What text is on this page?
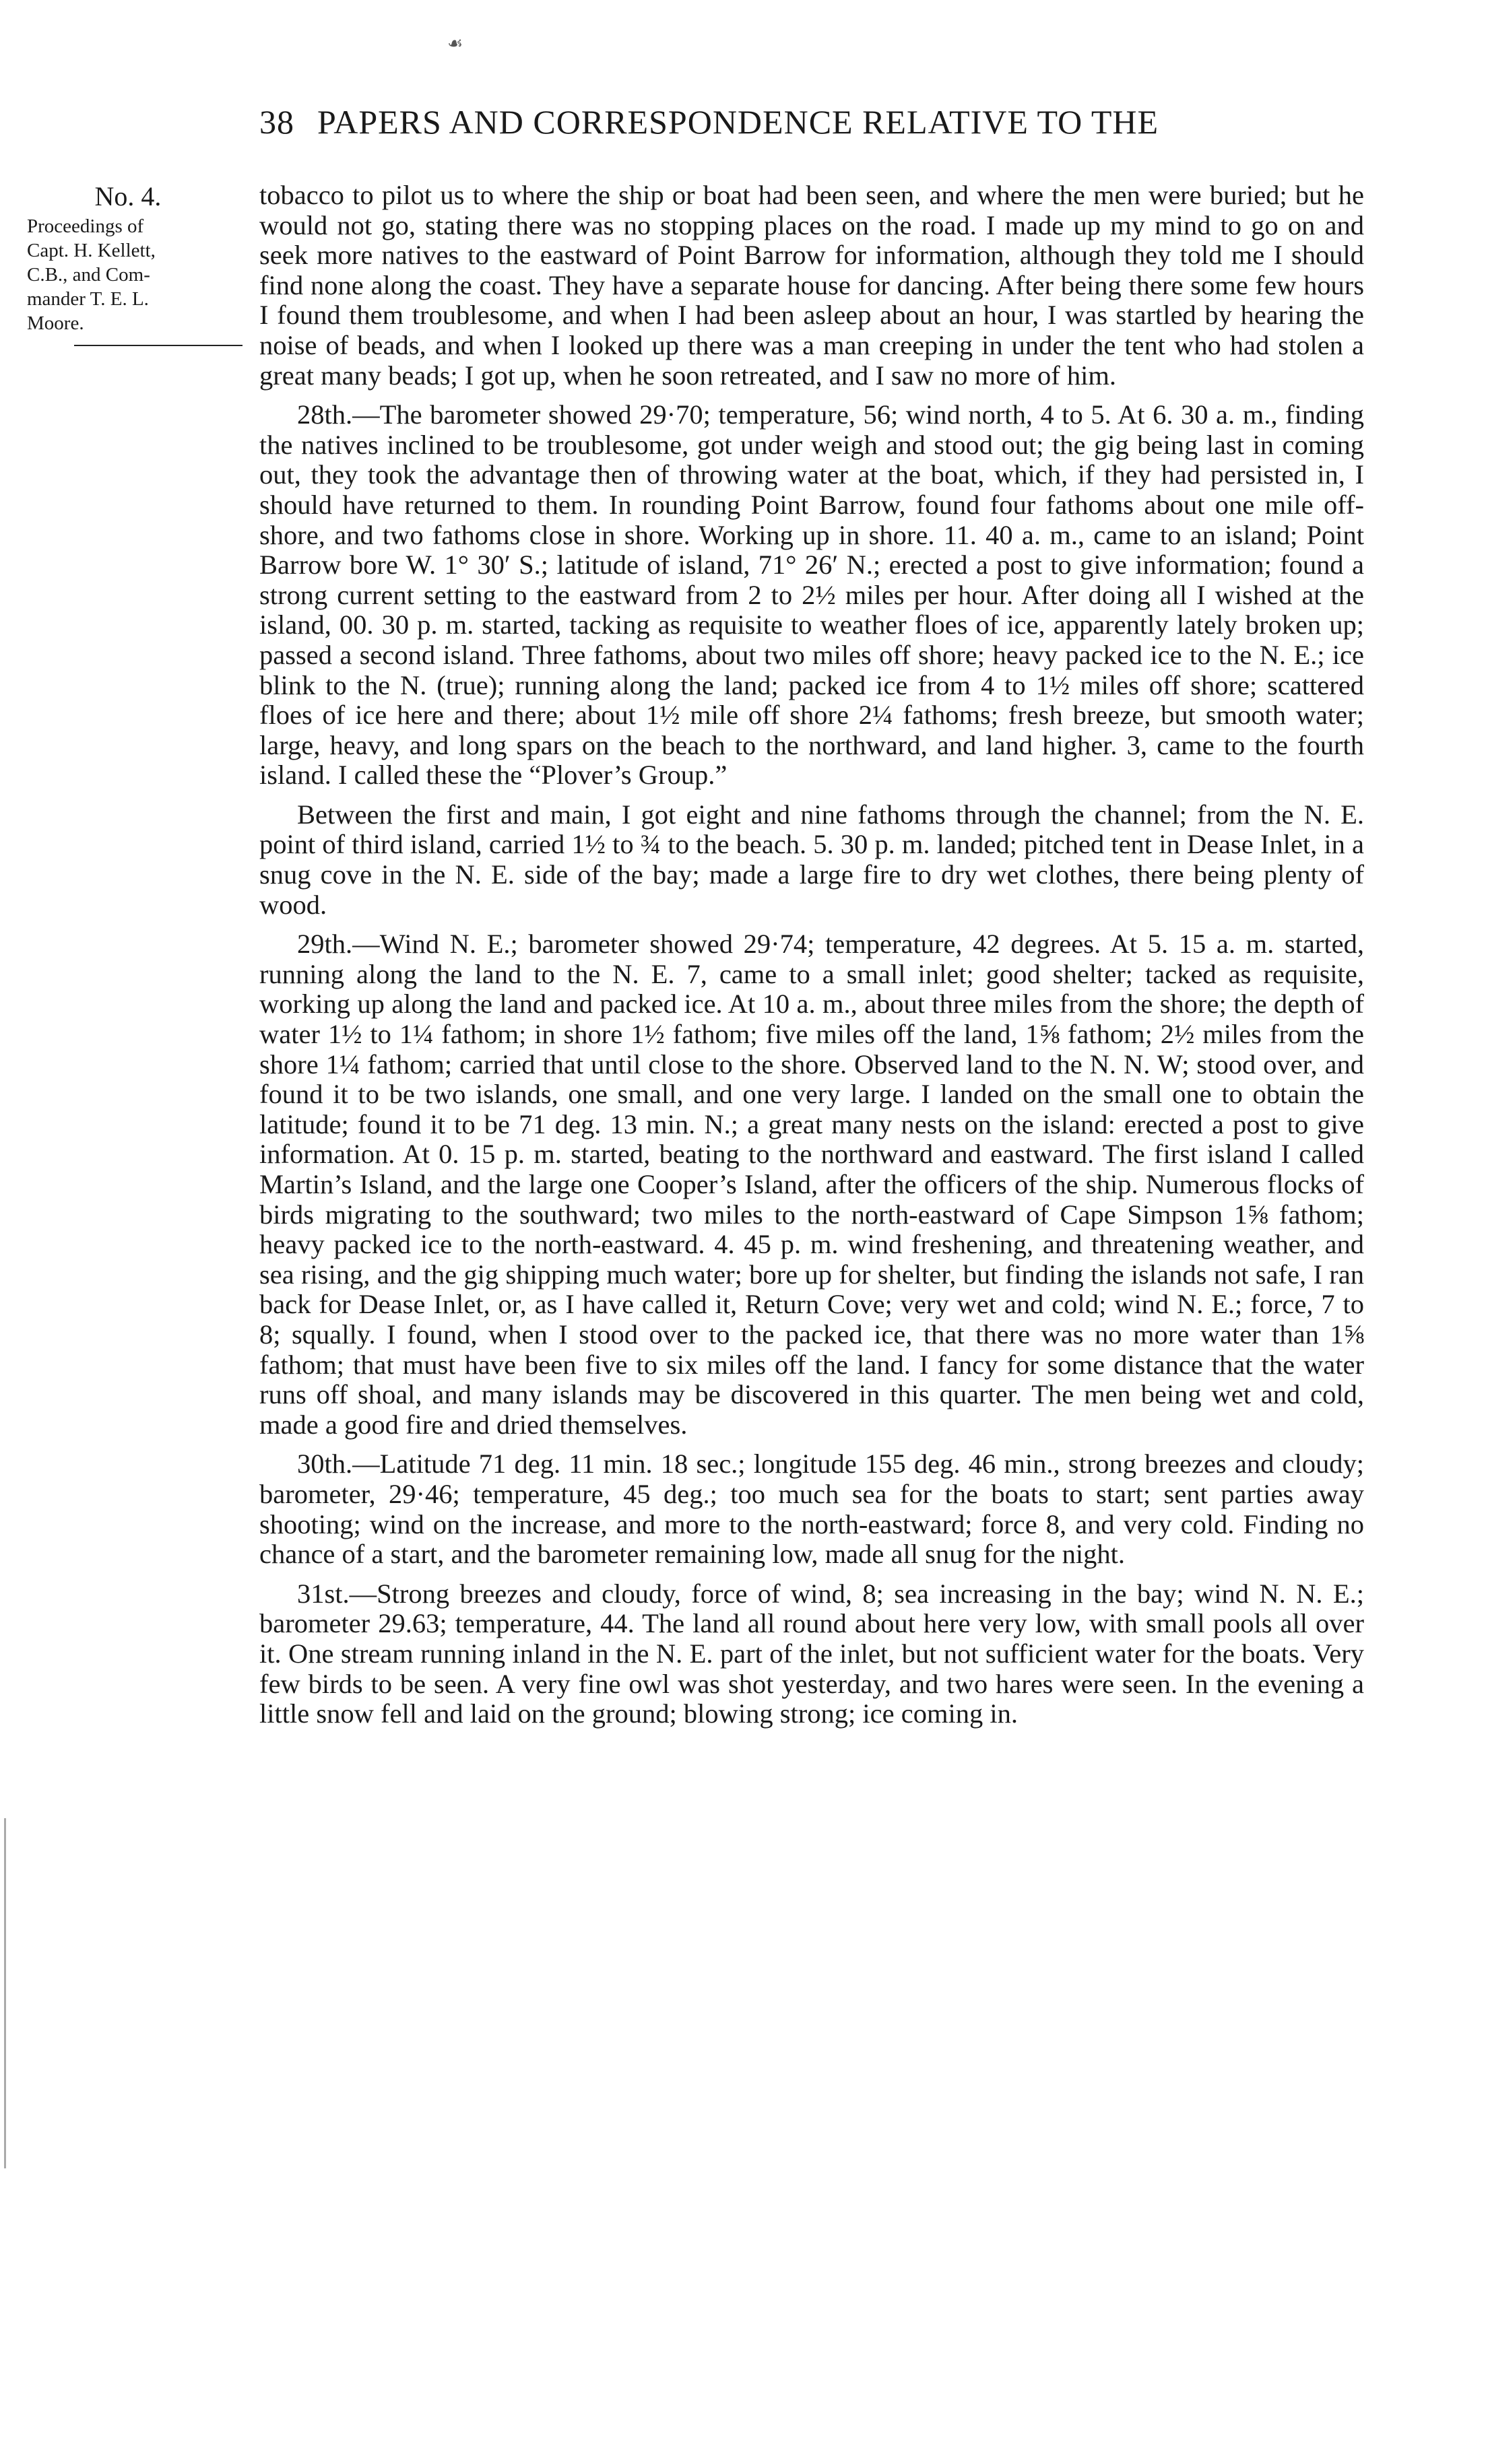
☙
38 PAPERS AND CORRESPONDENCE RELATIVE TO THE
No. 4.
Proceedings of
Capt. H. Kellett,
C.B., and Com-
mander T. E. L.
Moore.

tobacco to pilot us to where the ship or boat had been seen, and where the men were buried; but he would not go, stating there was no stopping places on the road. I made up my mind to go on and seek more natives to the eastward of Point Barrow for information, although they told me I should find none along the coast. They have a separate house for dancing. After being there some few hours I found them troublesome, and when I had been asleep about an hour, I was startled by hearing the noise of beads, and when I looked up there was a man creeping in under the tent who had stolen a great many beads; I got up, when he soon retreated, and I saw no more of him.

28th.—The barometer showed 29·70; temperature, 56; wind north, 4 to 5. At 6. 30 a. m., finding the natives inclined to be troublesome, got under weigh and stood out; the gig being last in coming out, they took the advantage then of throwing water at the boat, which, if they had persisted in, I should have returned to them. In rounding Point Barrow, found four fathoms about one mile off-shore, and two fathoms close in shore. Working up in shore. 11. 40 a. m., came to an island; Point Barrow bore W. 1° 30′ S.; latitude of island, 71° 26′ N.; erected a post to give information; found a strong current setting to the eastward from 2 to 2½ miles per hour. After doing all I wished at the island, 00. 30 p. m. started, tacking as requisite to weather floes of ice, apparently lately broken up; passed a second island. Three fathoms, about two miles off shore; heavy packed ice to the N. E.; ice blink to the N. (true); running along the land; packed ice from 4 to 1½ miles off shore; scattered floes of ice here and there; about 1½ mile off shore 2¼ fathoms; fresh breeze, but smooth water; large, heavy, and long spars on the beach to the northward, and land higher. 3, came to the fourth island. I called these the “Plover’s Group.”

Between the first and main, I got eight and nine fathoms through the channel; from the N. E. point of third island, carried 1½ to ¾ to the beach. 5. 30 p. m. landed; pitched tent in Dease Inlet, in a snug cove in the N. E. side of the bay; made a large fire to dry wet clothes, there being plenty of wood.

29th.—Wind N. E.; barometer showed 29·74; temperature, 42 degrees. At 5. 15 a. m. started, running along the land to the N. E. 7, came to a small inlet; good shelter; tacked as requisite, working up along the land and packed ice. At 10 a. m., about three miles from the shore; the depth of water 1½ to 1¼ fathom; in shore 1½ fathom; five miles off the land, 1⅝ fathom; 2½ miles from the shore 1¼ fathom; carried that until close to the shore. Observed land to the N. N. W; stood over, and found it to be two islands, one small, and one very large. I landed on the small one to obtain the latitude; found it to be 71 deg. 13 min. N.; a great many nests on the island: erected a post to give information. At 0. 15 p. m. started, beating to the northward and eastward. The first island I called Martin’s Island, and the large one Cooper’s Island, after the officers of the ship. Numerous flocks of birds migrating to the southward; two miles to the north-eastward of Cape Simpson 1⅝ fathom; heavy packed ice to the north-eastward. 4. 45 p. m. wind freshening, and threatening weather, and sea rising, and the gig shipping much water; bore up for shelter, but finding the islands not safe, I ran back for Dease Inlet, or, as I have called it, Return Cove; very wet and cold; wind N. E.; force, 7 to 8; squally. I found, when I stood over to the packed ice, that there was no more water than 1⅝ fathom; that must have been five to six miles off the land. I fancy for some distance that the water runs off shoal, and many islands may be discovered in this quarter. The men being wet and cold, made a good fire and dried themselves.

30th.—Latitude 71 deg. 11 min. 18 sec.; longitude 155 deg. 46 min., strong breezes and cloudy; barometer, 29·46; temperature, 45 deg.; too much sea for the boats to start; sent parties away shooting; wind on the increase, and more to the north-eastward; force 8, and very cold. Finding no chance of a start, and the barometer remaining low, made all snug for the night.

31st.—Strong breezes and cloudy, force of wind, 8; sea increasing in the bay; wind N. N. E.; barometer 29.63; temperature, 44. The land all round about here very low, with small pools all over it. One stream running inland in the N. E. part of the inlet, but not sufficient water for the boats. Very few birds to be seen. A very fine owl was shot yesterday, and two hares were seen. In the evening a little snow fell and laid on the ground; blowing strong; ice coming in.
